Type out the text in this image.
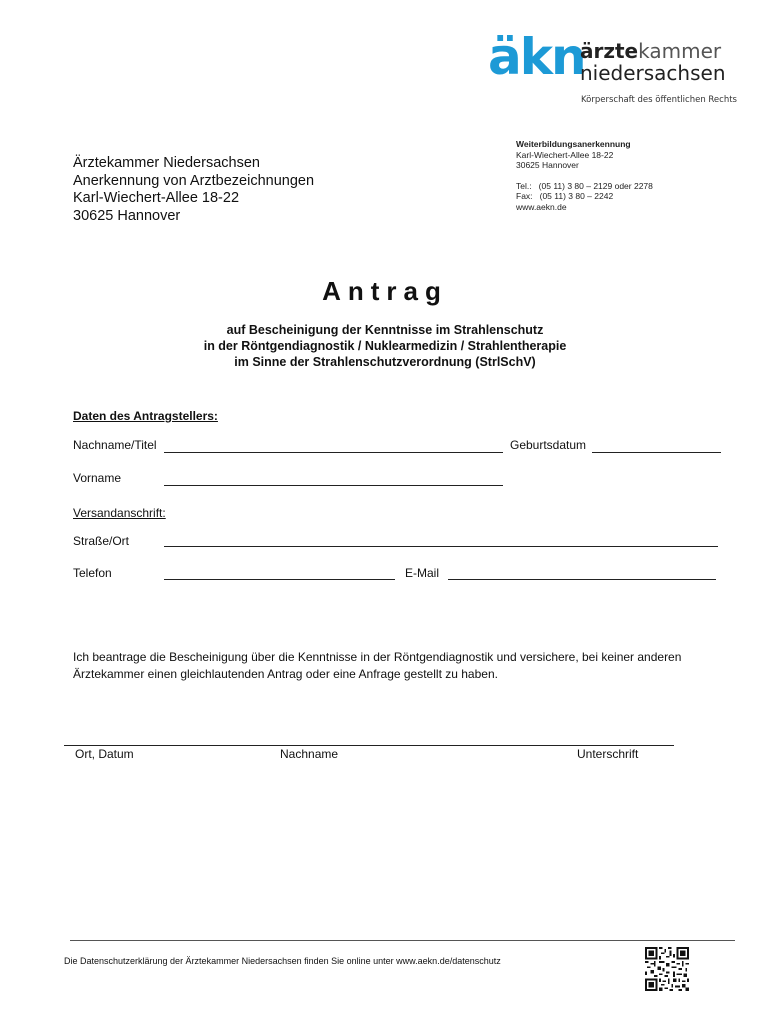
äkn
ärztekammer
niedersachsen
Körperschaft des öffentlichen Rechts
Weiterbildungsanerkennung
Karl-Wiechert-Allee 18-22
30625 Hannover
Tel.:   (05 11) 3 80 – 2129 oder 2278
Fax:   (05 11) 3 80 – 2242
www.aekn.de
Ärztekammer Niedersachsen
Anerkennung von Arztbezeichnungen
Karl-Wiechert-Allee 18-22
30625 Hannover
Antrag
auf Bescheinigung der Kenntnisse im Strahlenschutz
in der Röntgendiagnostik / Nuklearmedizin / Strahlentherapie
im Sinne der Strahlenschutzverordnung (StrlSchV)
Daten des Antragstellers:
Nachname/Titel	Geburtsdatum
Vorname
Versandanschrift:
Straße/Ort
Telefon	E-Mail
Ich beantrage die Bescheinigung über die Kenntnisse in der Röntgendiagnostik und versichere, bei keiner anderen Ärztekammer einen gleichlautenden Antrag oder eine Anfrage gestellt zu haben.
Ort, Datum	Nachname	Unterschrift
Die Datenschutzerklärung der Ärztekammer Niedersachsen finden Sie online unter www.aekn.de/datenschutz
